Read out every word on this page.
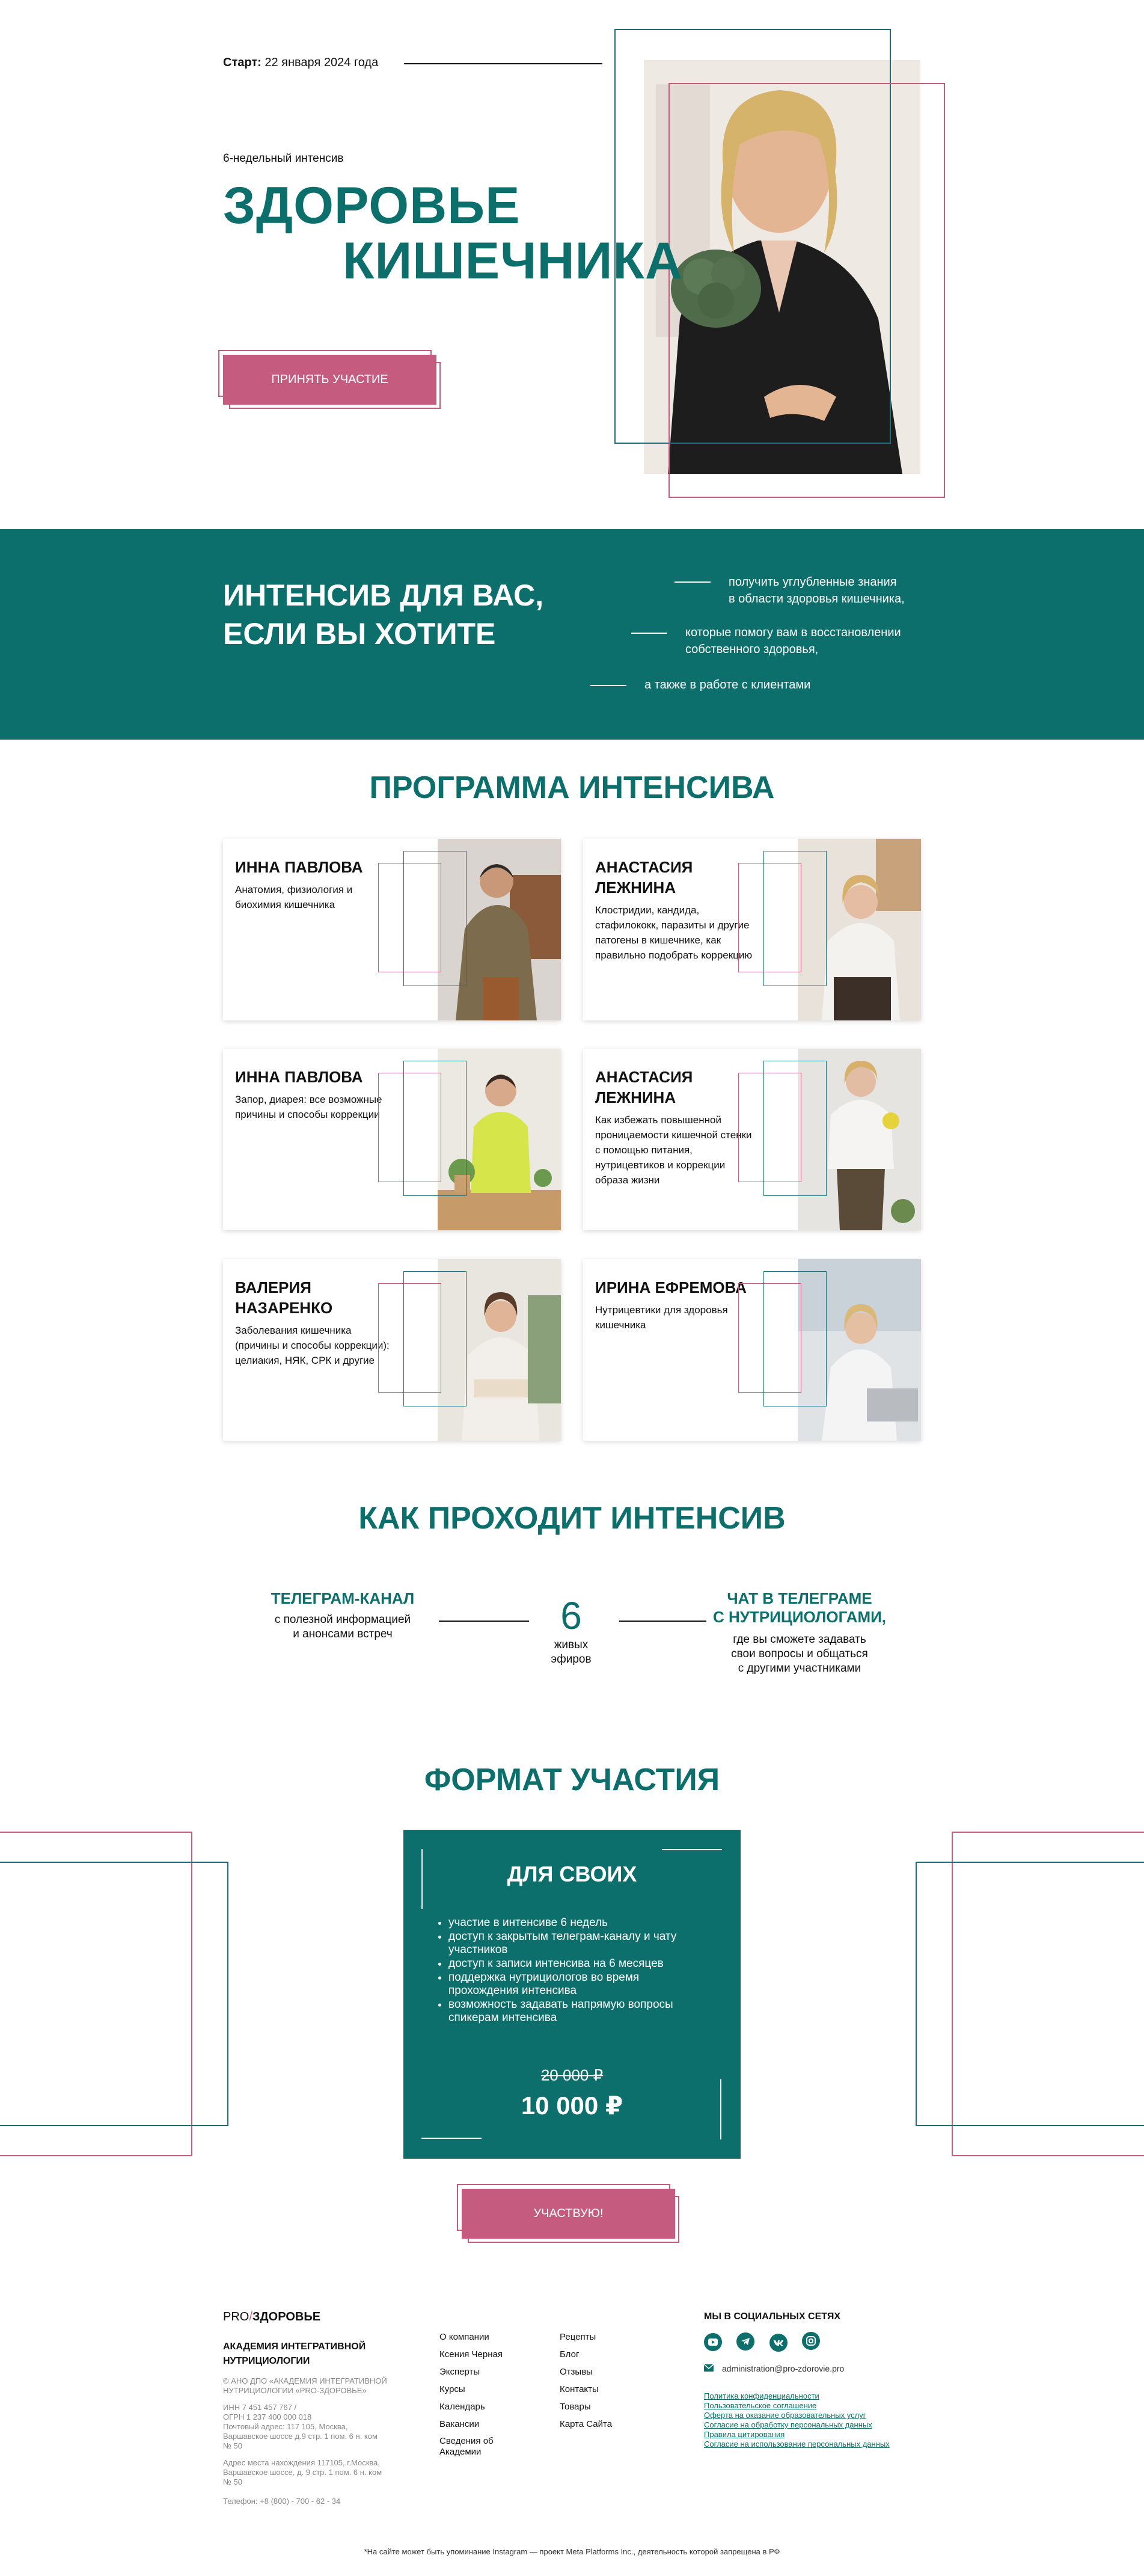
Старт: 22 января 2024 года
6-недельный интенсив
ЗДОРОВЬЕ
КИШЕЧНИКА
ПРИНЯТЬ УЧАСТИЕ
ИНТЕНСИВ ДЛЯ ВАС,
ЕСЛИ ВЫ ХОТИТЕ
получить углубленные знания
в области здоровья кишечника,
которые помогу вам в восстановлении
собственного здоровья,
а также в работе с клиентами
ПРОГРАММА ИНТЕНСИВА
ИННА ПАВЛОВА
Анатомия, физиология и биохимия кишечника
АНАСТАСИЯ ЛЕЖНИНА
Клостридии, кандида, стафилококк, паразиты и другие патогены в кишечнике, как правильно подобрать коррекцию
ИННА ПАВЛОВА
Запор, диарея: все возможные причины и способы коррекции
АНАСТАСИЯ ЛЕЖНИНА
Как избежать повышенной проницаемости кишечной стенки с помощью питания, нутрицевтиков и коррекции образа жизни
ВАЛЕРИЯ НАЗАРЕНКО
Заболевания кишечника (причины и способы коррекции): целиакия, НЯК, СРК и другие
ИРИНА ЕФРЕМОВА
Нутрицевтики для здоровья кишечника
КАК ПРОХОДИТ ИНТЕНСИВ
ТЕЛЕГРАМ-КАНАЛ
с полезной информацией
и анонсами встреч	6
живых
эфиров
ЧАТ В ТЕЛЕГРАМЕ
С НУТРИЦИОЛОГАМИ,
где вы сможете задавать
свои вопросы и общаться
с другими участниками
ФОРМАТ УЧАСТИЯ
ДЛЯ СВОИХ
• участие в интенсиве 6 недель
• доступ к закрытым телеграм-каналу и чату участников
• доступ к записи интенсива на 6 месяцев
• поддержка нутрициологов во время прохождения интенсива
• возможность задавать напрямую вопросы спикерам интенсива
20 000 ₽
10 000 ₽
УЧАСТВУЮ!
PRO/ЗДОРОВЬЕ
АКАДЕМИЯ ИНТЕГРАТИВНОЙ
НУТРИЦИОЛОГИИ
© АНО ДПО «АКАДЕМИЯ ИНТЕГРАТИВНОЙ
НУТРИЦИОЛОГИИ «PRO-ЗДОРОВЬЕ»
ИНН 7 451 457 767 /
ОГРН 1 237 400 000 018
Почтовый адрес: 117 105, Москва,
Варшавское шоссе д.9 стр. 1 пом. 6 н. ком
№ 50
Адрес места нахождения 117105, г.Москва,
Варшавское шоссе, д. 9 стр. 1 пом. 6 н. ком
№ 50
Телефон: +8 (800) - 700 - 62 - 34
О компании
Ксения Черная
Эксперты
Курсы
Календарь
Вакансии
Сведения об Академии
Рецепты
Блог
Отзывы
Контакты
Товары
Карта Сайта
МЫ В СОЦИАЛЬНЫХ СЕТЯХ

administration@pro-zdorovie.pro
Политика конфиденциальности
Пользовательское соглашение
Оферта на оказание образовательных услуг
Согласие на обработку персональных данных
Правила цитирования
Согласие на использование персональных данных
*На сайте может быть упоминание Instagram — проект Meta Platforms Inc., деятельность которой запрещена в РФ
